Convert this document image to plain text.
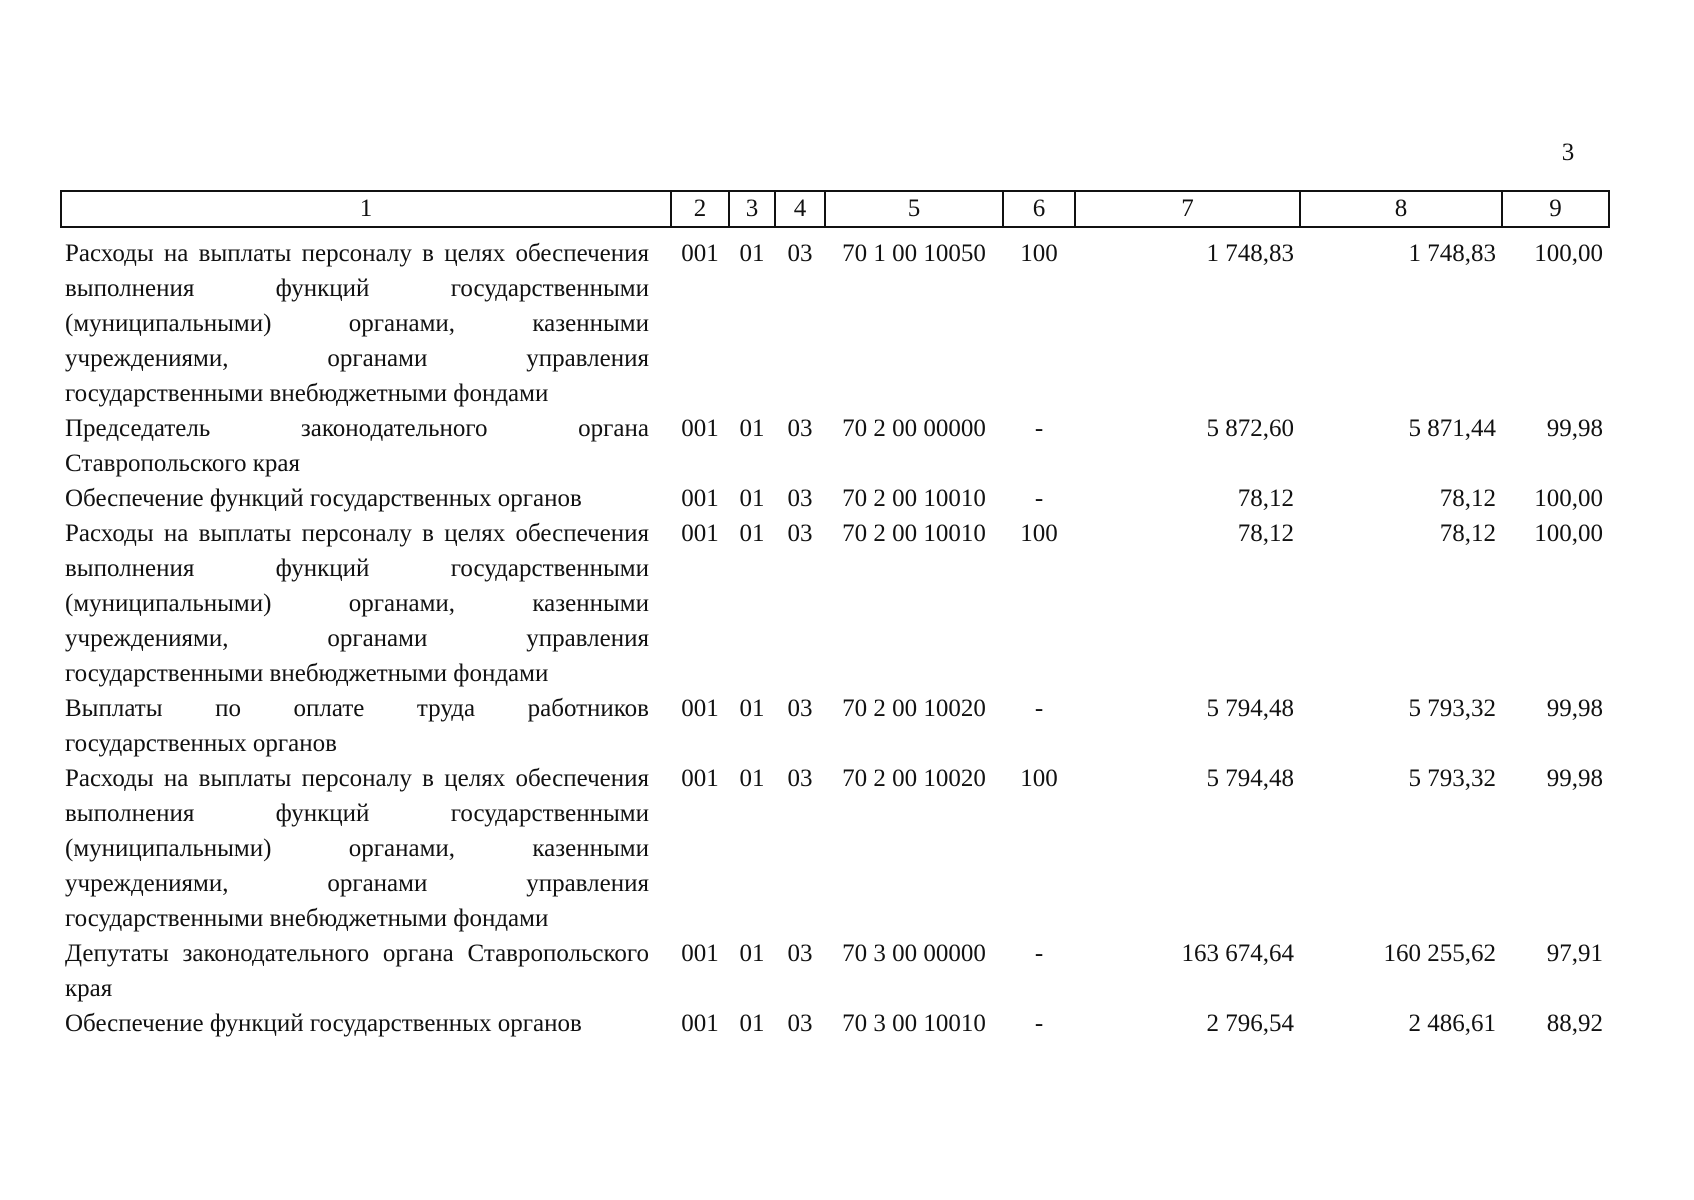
3
1	2	3	4	5	6	7	8	9
Расходы на выплаты персоналу в целях обеспечения выполнения функций государственными (муниципальными) органами, казенными учреждениями, органами управления государственными внебюджетными фондами	001	01	03	70 1 00 10050	100	1 748,83	1 748,83	100,00
Председатель законодательного органа Ставропольского края	001	01	03	70 2 00 00000	-	5 872,60	5 871,44	99,98
Обеспечение функций государственных органов	001	01	03	70 2 00 10010	-	78,12	78,12	100,00
Расходы на выплаты персоналу в целях обеспечения выполнения функций государственными (муниципальными) органами, казенными учреждениями, органами управления государственными внебюджетными фондами	001	01	03	70 2 00 10010	100	78,12	78,12	100,00
Выплаты по оплате труда работников государственных органов	001	01	03	70 2 00 10020	-	5 794,48	5 793,32	99,98
Расходы на выплаты персоналу в целях обеспечения выполнения функций государственными (муниципальными) органами, казенными учреждениями, органами управления государственными внебюджетными фондами	001	01	03	70 2 00 10020	100	5 794,48	5 793,32	99,98
Депутаты законодательного органа Ставропольского края	001	01	03	70 3 00 00000	-	163 674,64	160 255,62	97,91
Обеспечение функций государственных органов	001	01	03	70 3 00 10010	-	2 796,54	2 486,61	88,92
